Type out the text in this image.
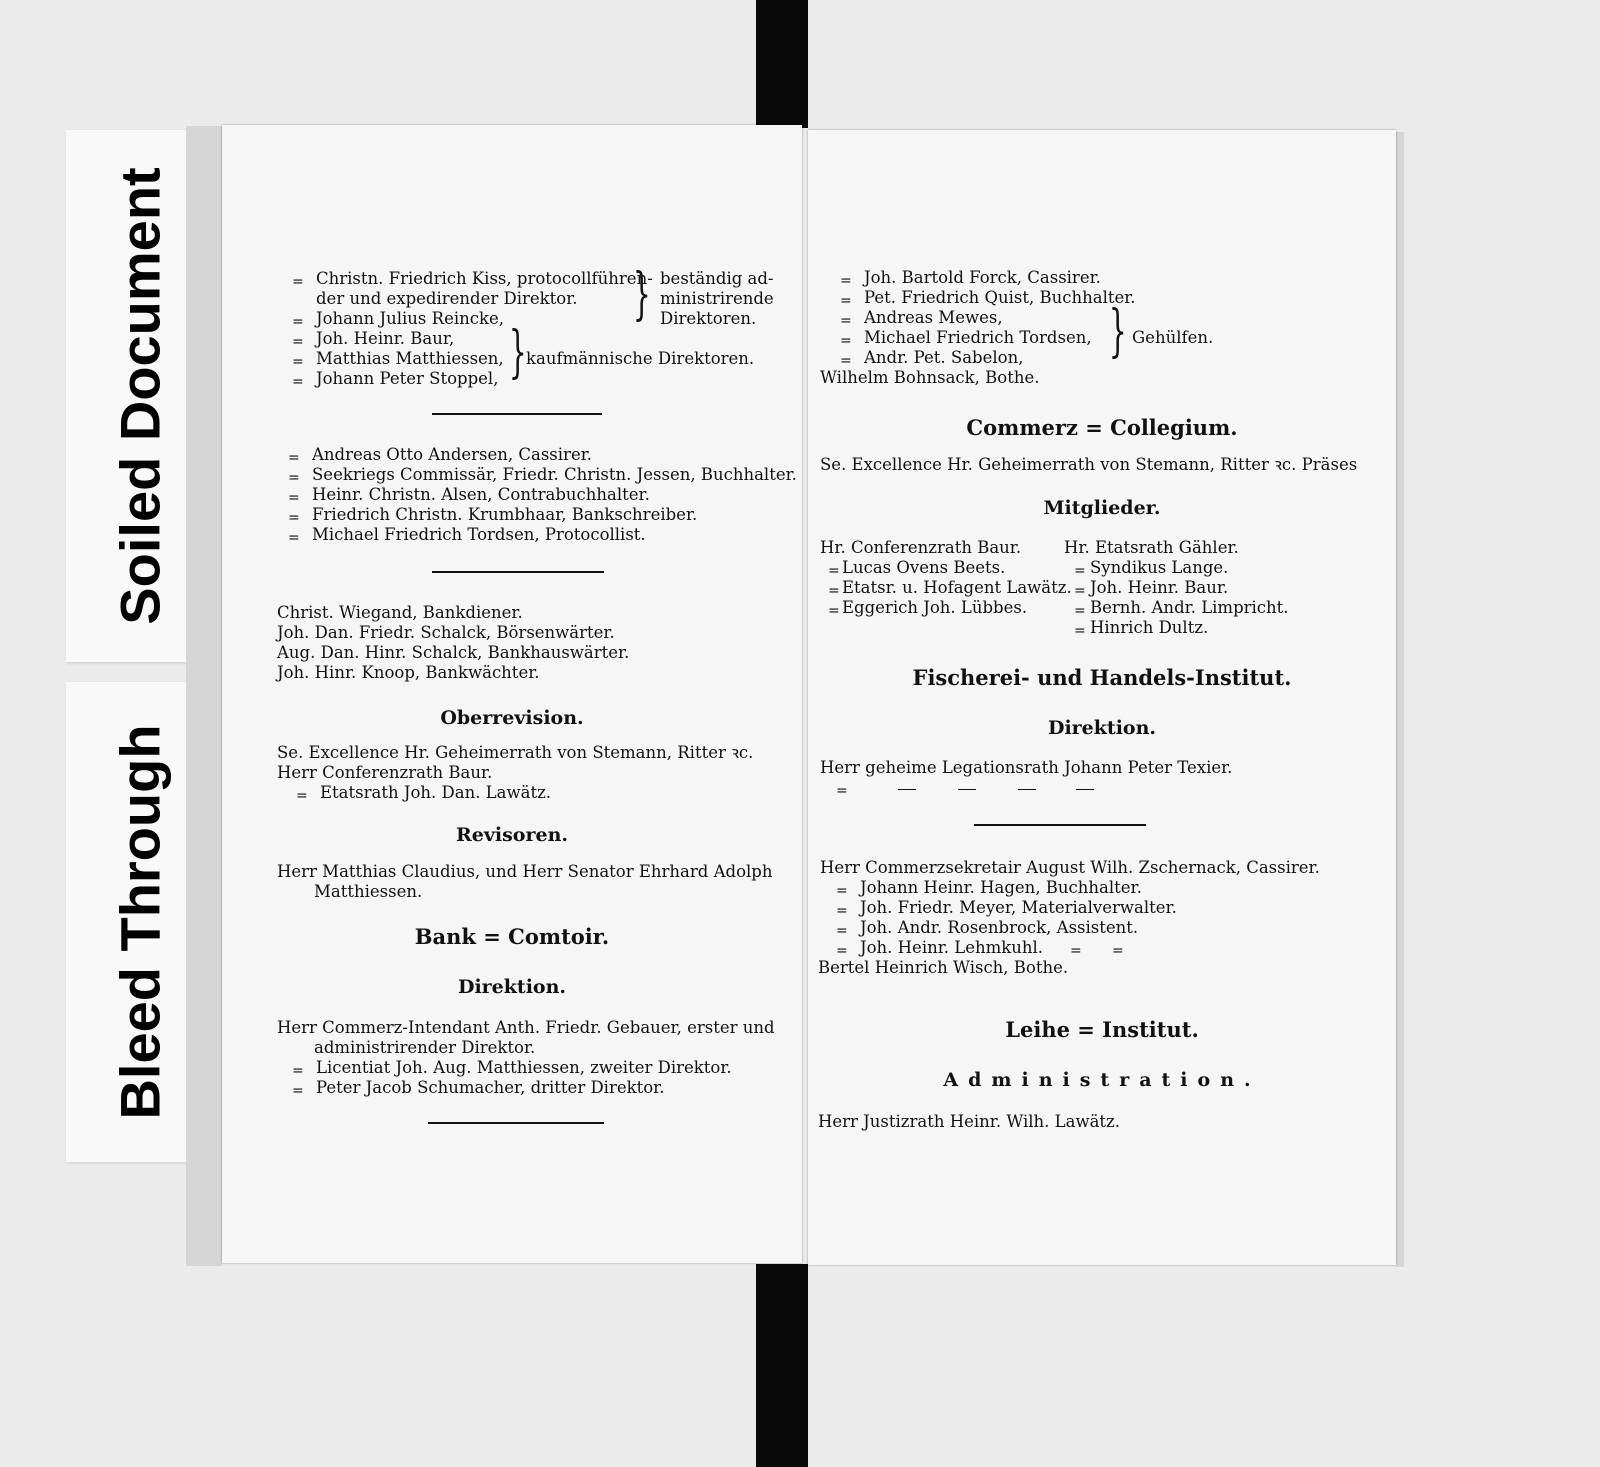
Soiled Document
Bleed Through
= Christn. Friedrich Kiss, protocollführen-
der und expedirender Direktor.
= Johann Julius Reincke, } beständig ad-
ministrirende
Direktoren.
= Joh. Heinr. Baur,
= Matthias Matthiessen,
= Johann Peter Stoppel, } kaufmännische Direktoren.
= Andreas Otto Andersen, Cassirer.
= Seekriegs Commissär, Friedr. Christn. Jessen, Buchhalter.
= Heinr. Christn. Alsen, Contrabuchhalter.
= Friedrich Christn. Krumbhaar, Bankschreiber.
= Michael Friedrich Tordsen, Protocollist.
Christ. Wiegand, Bankdiener.
Joh. Dan. Friedr. Schalck, Börsenwärter.
Aug. Dan. Hinr. Schalck, Bankhauswärter.
Joh. Hinr. Knoop, Bankwächter.
Oberrevision.
Se. Excellence Hr. Geheimerrath von Stemann, Ritter ꝛc.
Herr Conferenzrath Baur.
= Etatsrath Joh. Dan. Lawätz.
Revisoren.
Herr Matthias Claudius, und Herr Senator Ehrhard Adolph
Matthiessen.
Bank = Comtoir.
Direktion.
Herr Commerz-Intendant Anth. Friedr. Gebauer, erster und
administrirender Direktor.
= Licentiat Joh. Aug. Matthiessen, zweiter Direktor.
= Peter Jacob Schumacher, dritter Direktor.
= Joh. Bartold Forck, Cassirer.
= Pet. Friedrich Quist, Buchhalter.
= Andreas Mewes,
= Michael Friedrich Tordsen,
= Andr. Pet. Sabelon, } Gehülfen.
Wilhelm Bohnsack, Bothe.
Commerz = Collegium.
Se. Excellence Hr. Geheimerrath von Stemann, Ritter ꝛc. Präses
Mitglieder.
Hr. Conferenzrath Baur.
= Lucas Ovens Beets.
= Etatsr. u. Hofagent Lawätz.
= Eggerich Joh. Lübbes.
Hr. Etatsrath Gähler.
= Syndikus Lange.
= Joh. Heinr. Baur.
= Bernh. Andr. Limpricht.
= Hinrich Dultz.
Fischerei- und Handels-Institut.
Direktion.
Herr geheime Legationsrath Johann Peter Texier.
=
Herr Commerzsekretair August Wilh. Zschernack, Cassirer.
= Johann Heinr. Hagen, Buchhalter.
= Joh. Friedr. Meyer, Materialverwalter.
= Joh. Andr. Rosenbrock, Assistent.
= Joh. Heinr. Lehmkuhl. = =
Bertel Heinrich Wisch, Bothe.
Leihe = Institut.
Administration.
Herr Justizrath Heinr. Wilh. Lawätz.
